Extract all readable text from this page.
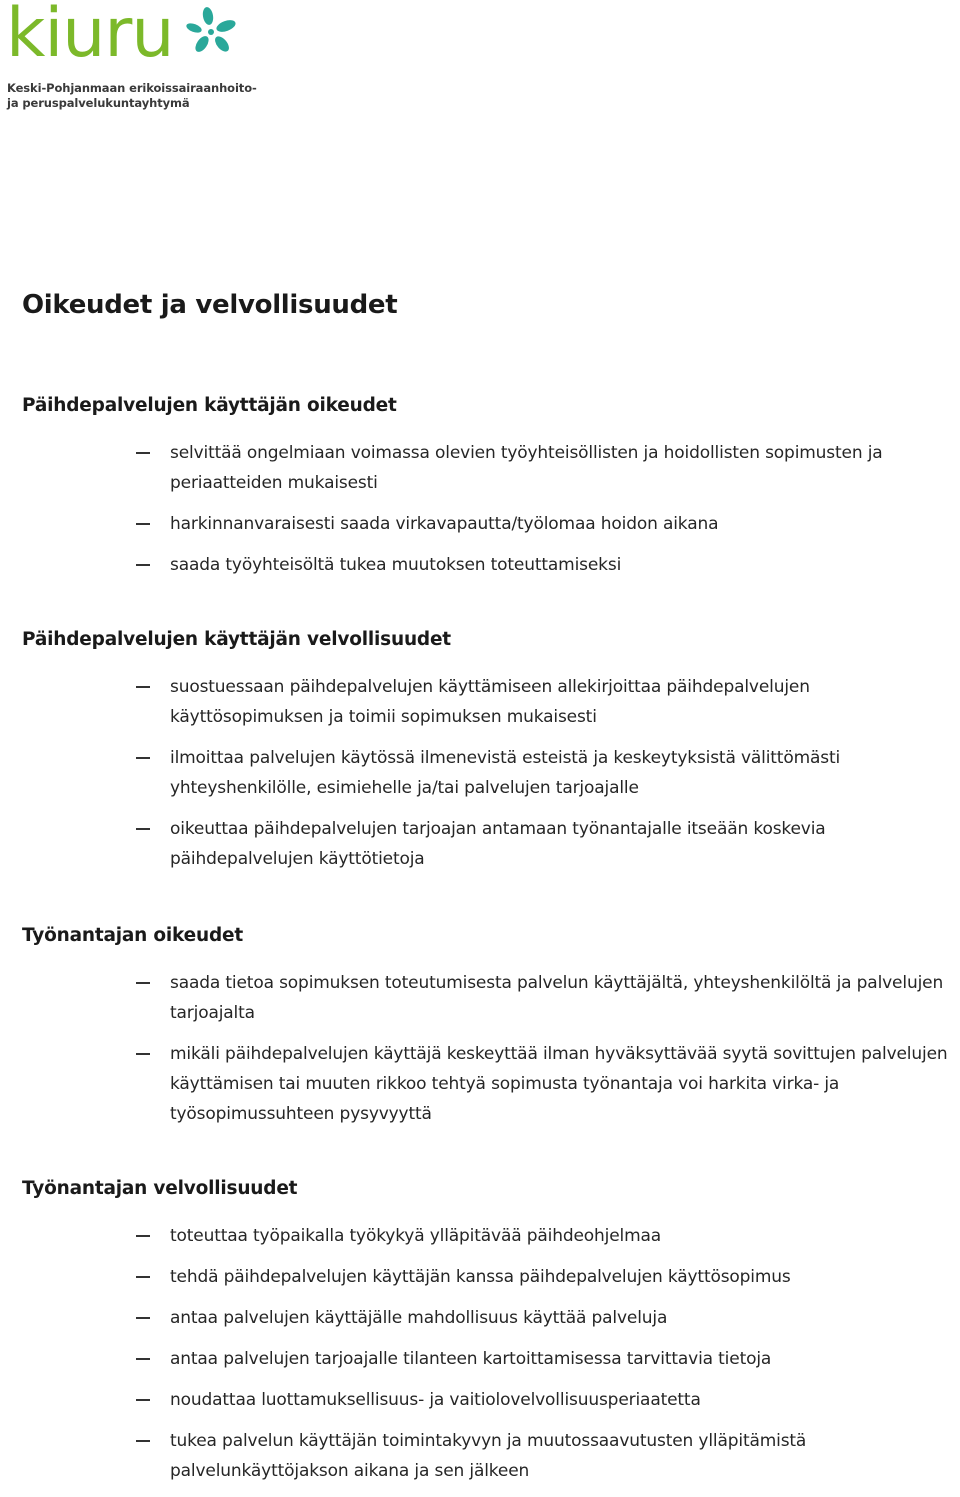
kiuru
Keski-Pohjanmaan erikoissairaanhoito-
ja peruspalvelukuntayhtymä
Oikeudet ja velvollisuudet
Päihdepalvelujen käyttäjän oikeudet
selvittää ongelmiaan voimassa olevien työyhteisöllisten ja hoidollisten sopimusten ja periaatteiden mukaisesti
harkinnanvaraisesti saada virkavapautta/työlomaa hoidon aikana
saada työyhteisöltä tukea muutoksen toteuttamiseksi
Päihdepalvelujen käyttäjän velvollisuudet
suostuessaan päihdepalvelujen käyttämiseen allekirjoittaa päihdepalvelujen käyttösopimuksen ja toimii sopimuksen mukaisesti
ilmoittaa palvelujen käytössä ilmenevistä esteistä ja keskeytyksistä välittömästi yhteyshenkilölle, esimiehelle ja/tai palvelujen tarjoajalle
oikeuttaa päihdepalvelujen tarjoajan antamaan työnantajalle itseään koskevia päihdepalvelujen käyttötietoja
Työnantajan oikeudet
saada tietoa sopimuksen toteutumisesta palvelun käyttäjältä, yhteyshenkilöltä ja palvelujen tarjoajalta
mikäli päihdepalvelujen käyttäjä keskeyttää ilman hyväksyttävää syytä sovittujen palvelujen käyttämisen tai muuten rikkoo tehtyä sopimusta työnantaja voi harkita virka- ja työsopimussuhteen pysyvyyttä
Työnantajan velvollisuudet
toteuttaa työpaikalla työkykyä ylläpitävää päihdeohjelmaa
tehdä päihdepalvelujen käyttäjän kanssa päihdepalvelujen käyttösopimus
antaa palvelujen käyttäjälle mahdollisuus käyttää palveluja
antaa palvelujen tarjoajalle tilanteen kartoittamisessa tarvittavia tietoja
noudattaa luottamuksellisuus- ja vaitiolovelvollisuusperiaatetta
tukea palvelun käyttäjän toimintakyvyn ja muutossaavutusten ylläpitämistä palvelunkäyttöjakson aikana ja sen jälkeen
